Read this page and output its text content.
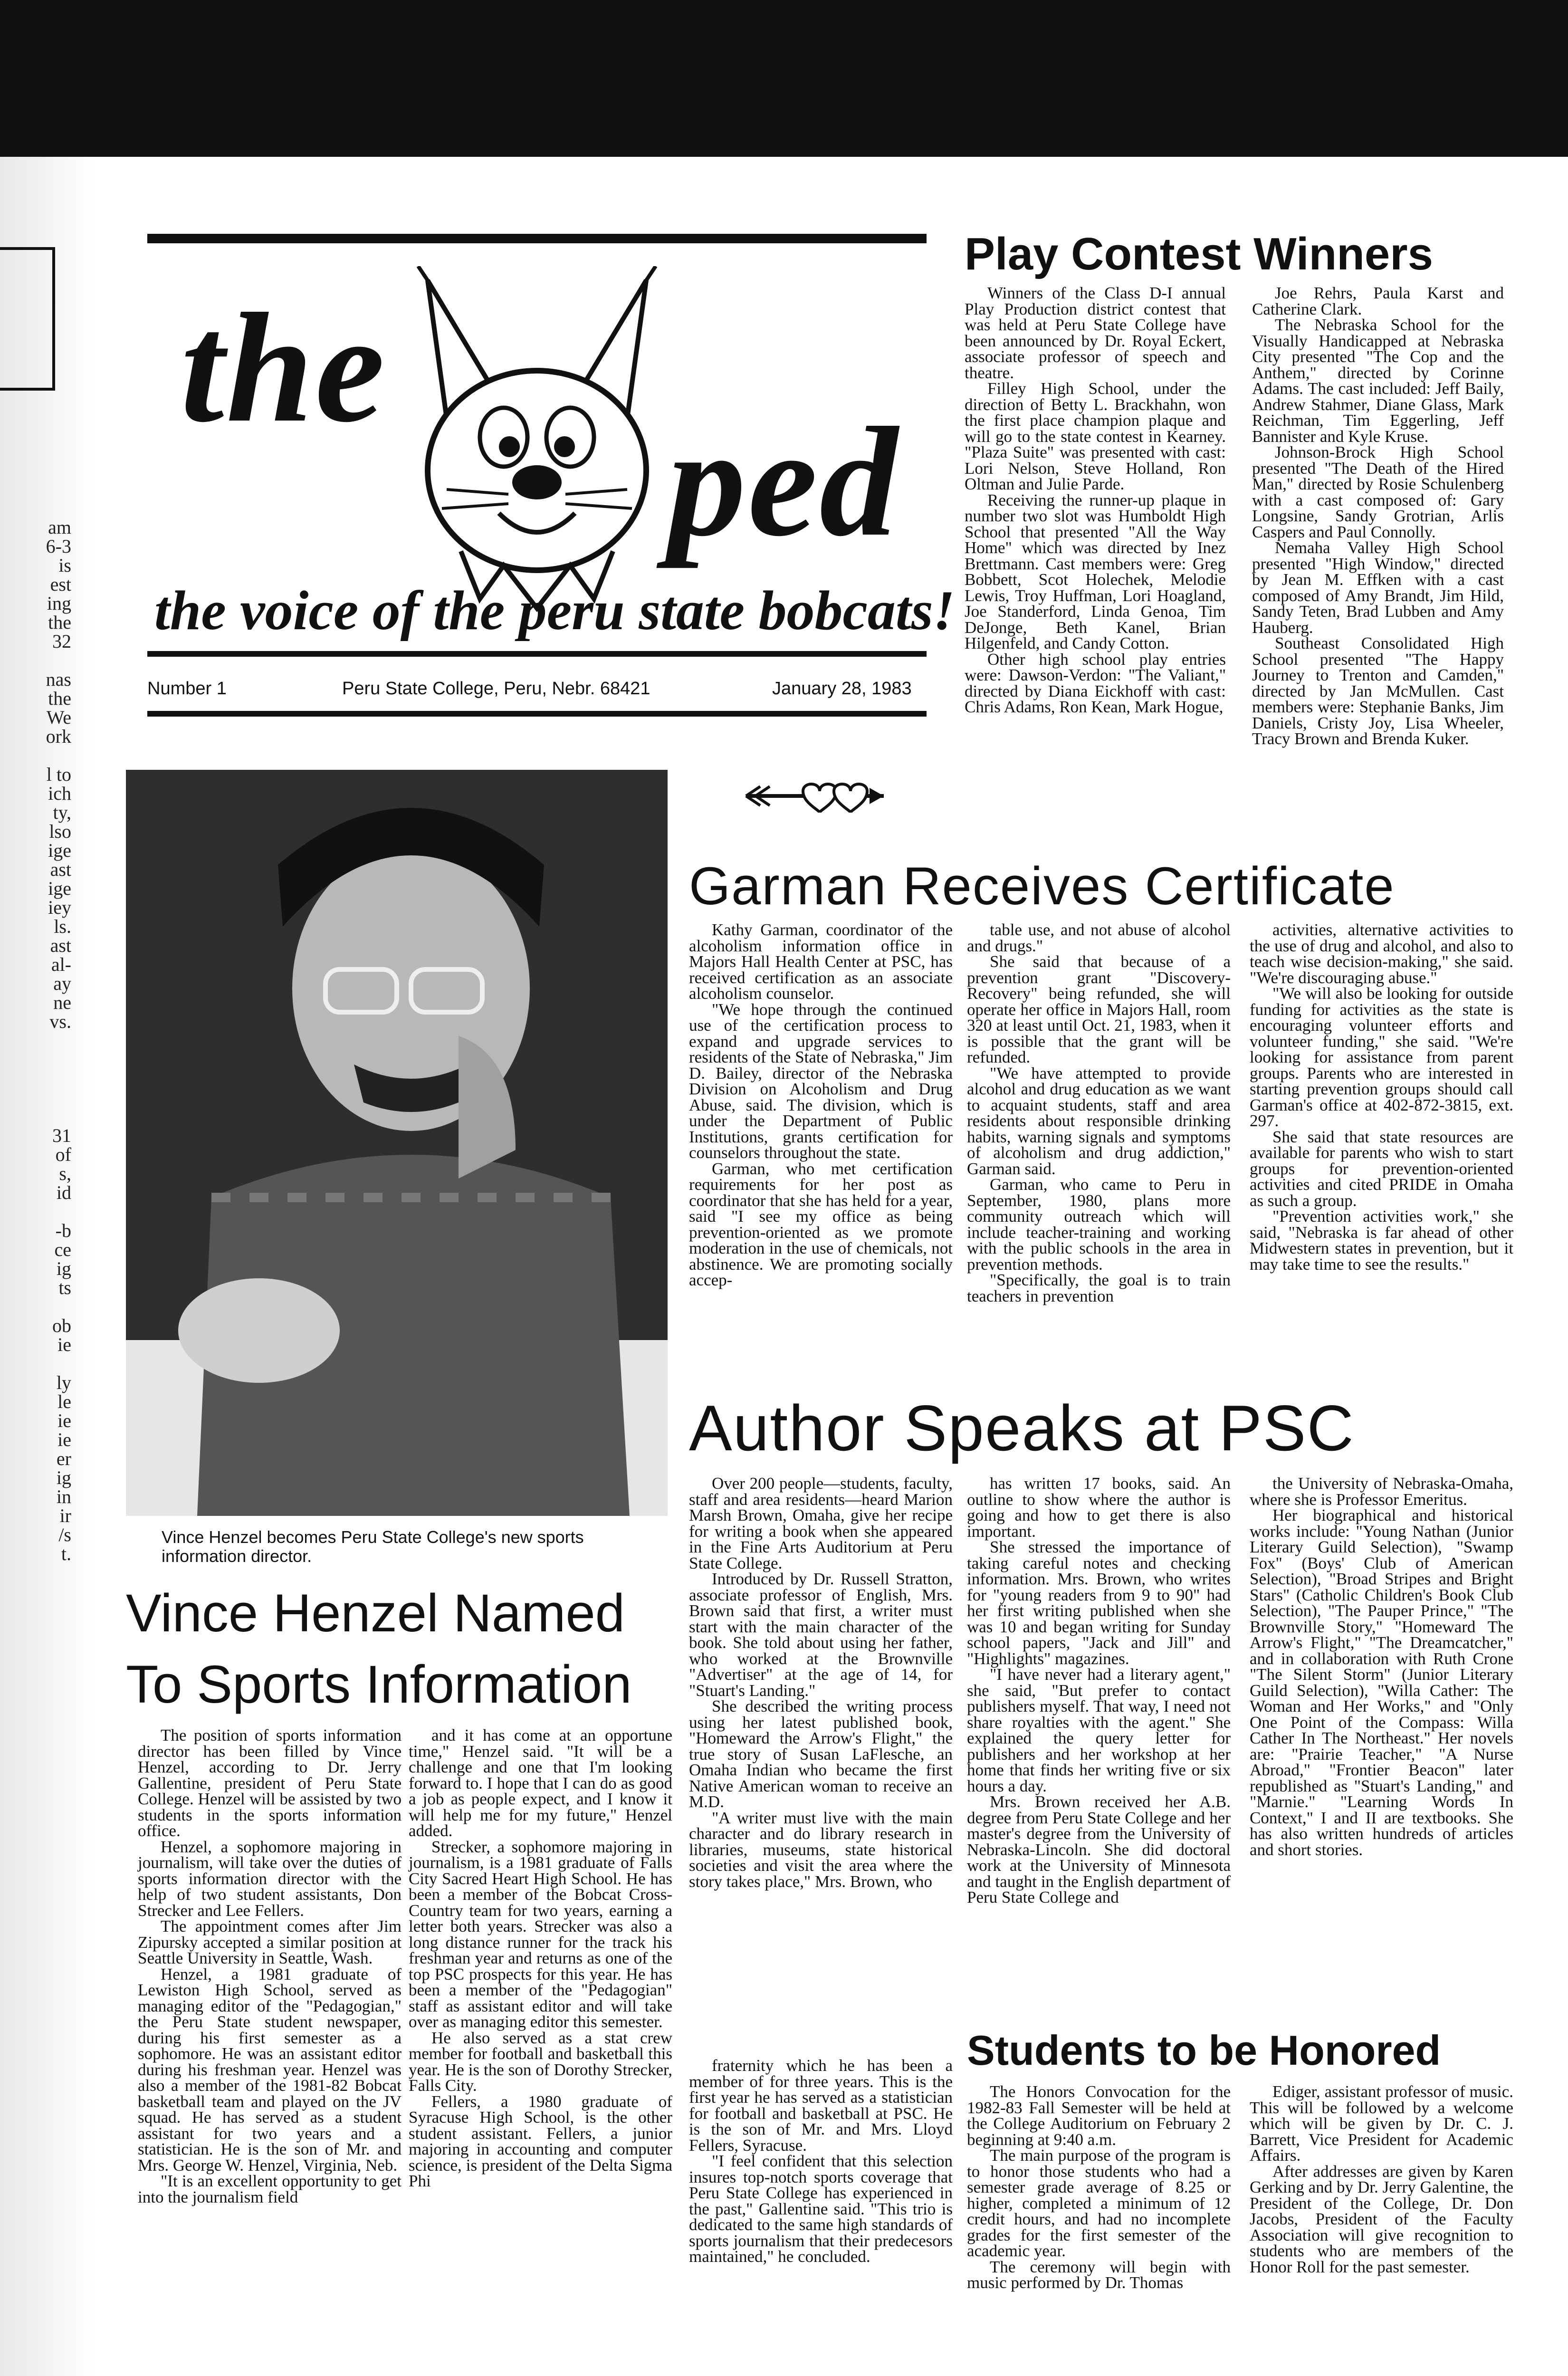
am
6-3
is
est
ing
the
32
nas
the
We
ork
l to
ich
ty,
lso
ige
ast
ige
iey
ls.
ast
al-
ay
ne
vs.
31
of
s,
id
-b
ce
ig
ts
ob
ie
ly
le
ie
ie
er
ig
in
ir
/s
t.
the
ped
the voice of the peru state bobcats!
Number 1	Peru State College, Peru, Nebr. 68421	January 28, 1983
Play Contest Winners

Winners of the Class D-I annual Play Production district contest that was held at Peru State College have been announced by Dr. Royal Eckert, associate professor of speech and theatre.

Filley High School, under the direction of Betty L. Brackhahn, won the first place champion plaque and will go to the state contest in Kearney. "Plaza Suite" was presented with cast: Lori Nelson, Steve Holland, Ron Oltman and Julie Parde.

Receiving the runner-up plaque in number two slot was Humboldt High School that presented "All the Way Home" which was directed by Inez Brettmann. Cast members were: Greg Bobbett, Scot Holechek, Melodie Lewis, Troy Huffman, Lori Hoagland, Joe Standerford, Linda Genoa, Tim DeJonge, Beth Kanel, Brian Hilgenfeld, and Candy Cotton.

Other high school play entries were: Dawson-Verdon: "The Valiant," directed by Diana Eickhoff with cast: Chris Adams, Ron Kean, Mark Hogue,

Joe Rehrs, Paula Karst and Catherine Clark.

The Nebraska School for the Visually Handicapped at Nebraska City presented "The Cop and the Anthem," directed by Corinne Adams. The cast included: Jeff Baily, Andrew Stahmer, Diane Glass, Mark Reichman, Tim Eggerling, Jeff Bannister and Kyle Kruse.

Johnson-Brock High School presented "The Death of the Hired Man," directed by Rosie Schulenberg with a cast composed of: Gary Longsine, Sandy Grotrian, Arlis Caspers and Paul Connolly.

Nemaha Valley High School presented "High Window," directed by Jean M. Effken with a cast composed of Amy Brandt, Jim Hild, Sandy Teten, Brad Lubben and Amy Hauberg.

Southeast Consolidated High School presented "The Happy Journey to Trenton and Camden," directed by Jan McMullen. Cast members were: Stephanie Banks, Jim Daniels, Cristy Joy, Lisa Wheeler, Tracy Brown and Brenda Kuker.

Vince Henzel becomes Peru State College's new sports information director.
Garman Receives Certificate

Kathy Garman, coordinator of the alcoholism information office in Majors Hall Health Center at PSC, has received certification as an associate alcoholism counselor.

"We hope through the continued use of the certification process to expand and upgrade services to residents of the State of Nebraska," Jim D. Bailey, director of the Nebraska Division on Alcoholism and Drug Abuse, said. The division, which is under the Department of Public Institutions, grants certification for counselors throughout the state.

Garman, who met certification requirements for her post as coordinator that she has held for a year, said "I see my office as being prevention-oriented as we promote moderation in the use of chemicals, not abstinence. We are promoting socially accep-

table use, and not abuse of alcohol and drugs."

She said that because of a prevention grant "Discovery-Recovery" being refunded, she will operate her office in Majors Hall, room 320 at least until Oct. 21, 1983, when it is possible that the grant will be refunded.

"We have attempted to provide alcohol and drug education as we want to acquaint students, staff and area residents about responsible drinking habits, warning signals and symptoms of alcoholism and drug addiction," Garman said.

Garman, who came to Peru in September, 1980, plans more community outreach which will include teacher-training and working with the public schools in the area in prevention methods.

"Specifically, the goal is to train teachers in prevention

activities, alternative activities to the use of drug and alcohol, and also to teach wise decision-making," she said. "We're discouraging abuse."

"We will also be looking for outside funding for activities as the state is encouraging volunteer efforts and volunteer funding," she said. "We're looking for assistance from parent groups. Parents who are interested in starting prevention groups should call Garman's office at 402-872-3815, ext. 297.

She said that state resources are available for parents who wish to start groups for prevention-oriented activities and cited PRIDE in Omaha as such a group.

"Prevention activities work," she said, "Nebraska is far ahead of other Midwestern states in prevention, but it may take time to see the results."

Author Speaks at PSC

Over 200 people—students, faculty, staff and area residents—heard Marion Marsh Brown, Omaha, give her recipe for writing a book when she appeared in the Fine Arts Auditorium at Peru State College.

Introduced by Dr. Russell Stratton, associate professor of English, Mrs. Brown said that first, a writer must start with the main character of the book. She told about using her father, who worked at the Brownville "Advertiser" at the age of 14, for "Stuart's Landing."

She described the writing process using her latest published book, "Homeward the Arrow's Flight," the true story of Susan LaFlesche, an Omaha Indian who became the first Native American woman to receive an M.D.

"A writer must live with the main character and do library research in libraries, museums, state historical societies and visit the area where the story takes place," Mrs. Brown, who

has written 17 books, said. An outline to show where the author is going and how to get there is also important.

She stressed the importance of taking careful notes and checking information. Mrs. Brown, who writes for "young readers from 9 to 90" had her first writing published when she was 10 and began writing for Sunday school papers, "Jack and Jill" and "Highlights" magazines.

"I have never had a literary agent," she said, "But prefer to contact publishers myself. That way, I need not share royalties with the agent." She explained the query letter for publishers and her workshop at her home that finds her writing five or six hours a day.

Mrs. Brown received her A.B. degree from Peru State College and her master's degree from the University of Nebraska-Lincoln. She did doctoral work at the University of Minnesota and taught in the English department of Peru State College and

the University of Nebraska-Omaha, where she is Professor Emeritus.

Her biographical and historical works include: "Young Nathan (Junior Literary Guild Selection), "Swamp Fox" (Boys' Club of American Selection), "Broad Stripes and Bright Stars" (Catholic Children's Book Club Selection), "The Pauper Prince," "The Brownville Story," "Homeward The Arrow's Flight," "The Dreamcatcher," and in collaboration with Ruth Crone "The Silent Storm" (Junior Literary Guild Selection), "Willa Cather: The Woman and Her Works," and "Only One Point of the Compass: Willa Cather In The Northeast." Her novels are: "Prairie Teacher," "A Nurse Abroad," "Frontier Beacon" later republished as "Stuart's Landing," and "Marnie." "Learning Words In Context," I and II are textbooks. She has also written hundreds of articles and short stories.

Vince Henzel Named
To Sports Information

The position of sports information director has been filled by Vince Henzel, according to Dr. Jerry Gallentine, president of Peru State College. Henzel will be assisted by two students in the sports information office.

Henzel, a sophomore majoring in journalism, will take over the duties of sports information director with the help of two student assistants, Don Strecker and Lee Fellers.

The appointment comes after Jim Zipursky accepted a similar position at Seattle University in Seattle, Wash.

Henzel, a 1981 graduate of Lewiston High School, served as managing editor of the "Pedagogian," the Peru State student newspaper, during his first semester as a sophomore. He was an assistant editor during his freshman year. Henzel was also a member of the 1981-82 Bobcat basketball team and played on the JV squad. He has served as a student assistant for two years and a statistician. He is the son of Mr. and Mrs. George W. Henzel, Virginia, Neb.

"It is an excellent opportunity to get into the journalism field

and it has come at an opportune time," Henzel said. "It will be a challenge and one that I'm looking forward to. I hope that I can do as good a job as people expect, and I know it will help me for my future," Henzel added.

Strecker, a sophomore majoring in journalism, is a 1981 graduate of Falls City Sacred Heart High School. He has been a member of the Bobcat Cross-Country team for two years, earning a letter both years. Strecker was also a long distance runner for the track his freshman year and returns as one of the top PSC prospects for this year. He has been a member of the "Pedagogian" staff as assistant editor and will take over as managing editor this semester.

He also served as a stat crew member for football and basketball this year. He is the son of Dorothy Strecker, Falls City.

Fellers, a 1980 graduate of Syracuse High School, is the other student assistant. Fellers, a junior majoring in accounting and computer science, is president of the Delta Sigma Phi

fraternity which he has been a member of for three years. This is the first year he has served as a statistician for football and basketball at PSC. He is the son of Mr. and Mrs. Lloyd Fellers, Syracuse.

"I feel confident that this selection insures top-notch sports coverage that Peru State College has experienced in the past," Gallentine said. "This trio is dedicated to the same high standards of sports journalism that their predecesors maintained," he concluded.

Students to be Honored

The Honors Convocation for the 1982-83 Fall Semester will be held at the College Auditorium on February 2 beginning at 9:40 a.m.

The main purpose of the program is to honor those students who had a semester grade average of 8.25 or higher, completed a minimum of 12 credit hours, and had no incomplete grades for the first semester of the academic year.

The ceremony will begin with music performed by Dr. Thomas

Ediger, assistant professor of music. This will be followed by a welcome which will be given by Dr. C. J. Barrett, Vice President for Academic Affairs.

After addresses are given by Karen Gerking and by Dr. Jerry Galentine, the President of the College, Dr. Don Jacobs, President of the Faculty Association will give recognition to students who are members of the Honor Roll for the past semester.
